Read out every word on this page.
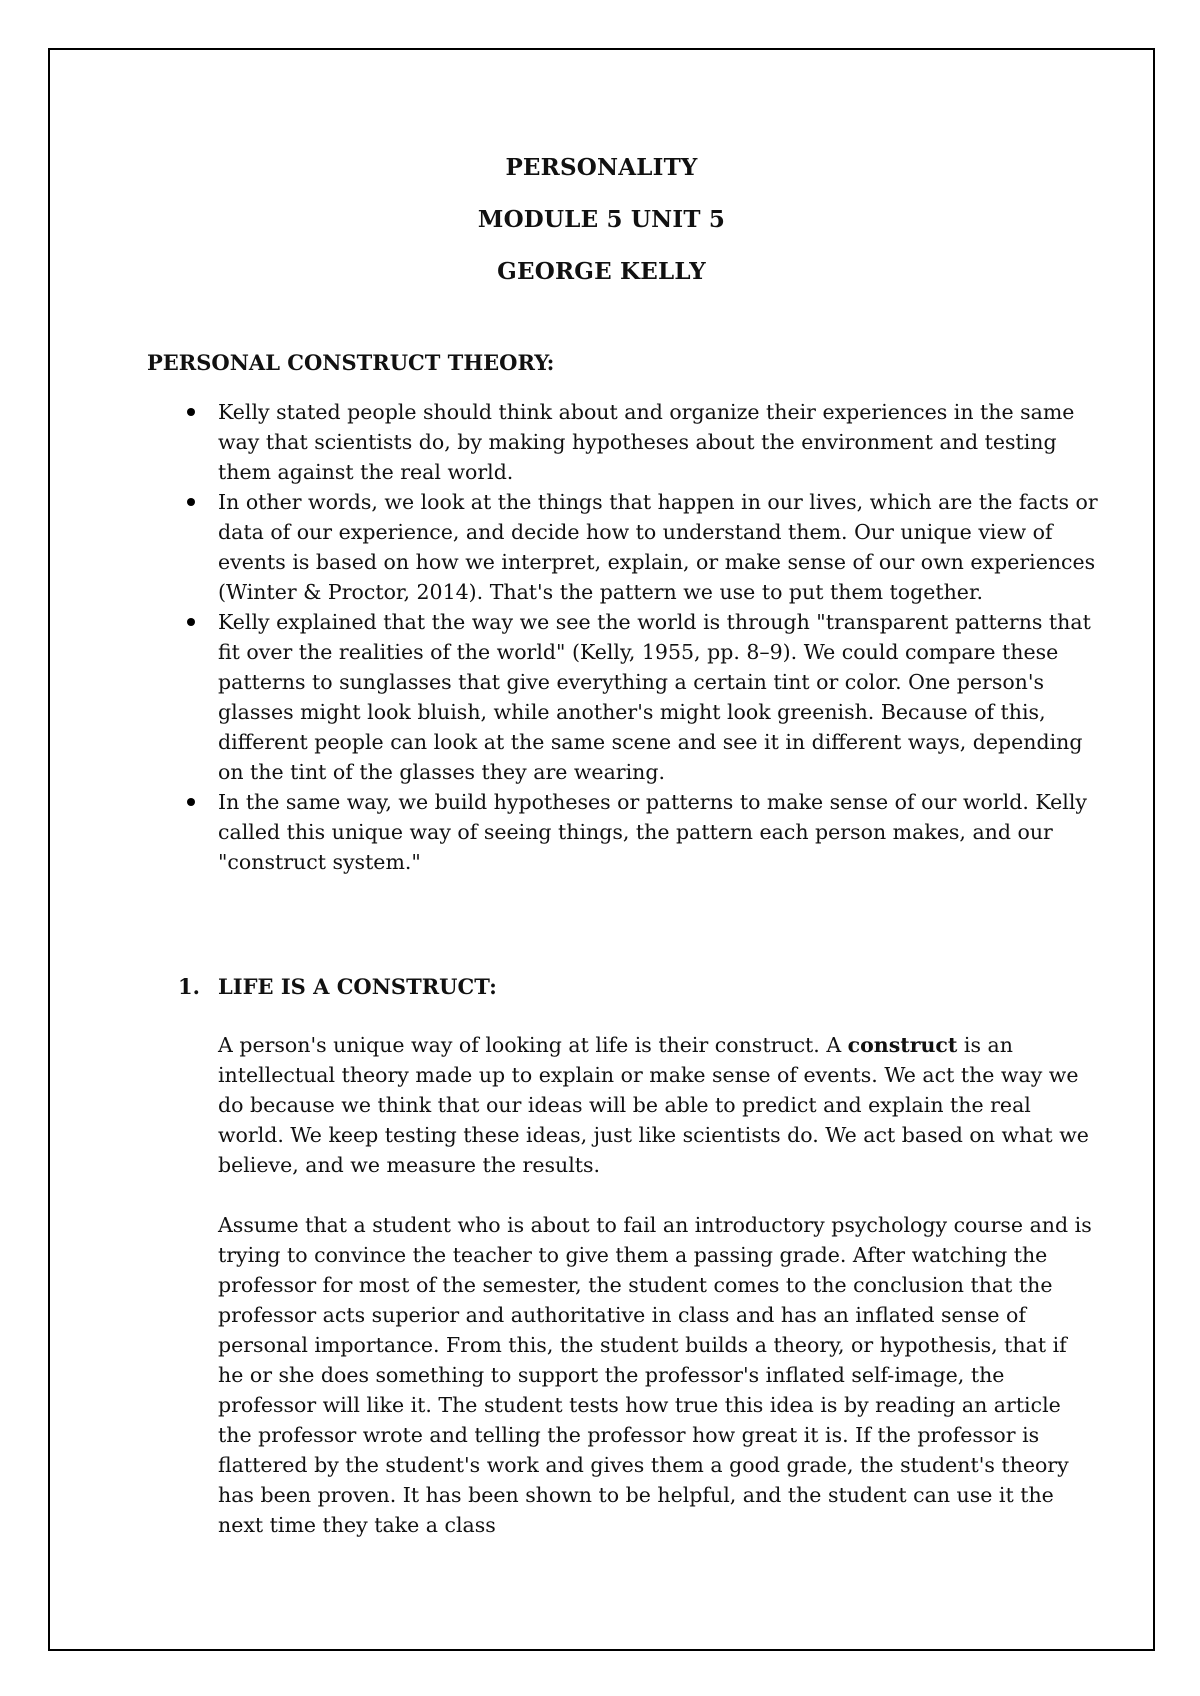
PERSONALITY
MODULE 5 UNIT 5
GEORGE KELLY
PERSONAL CONSTRUCT THEORY:
Kelly stated people should think about and organize their experiences in the same way that scientists do, by making hypotheses about the environment and testing them against the real world.
In other words, we look at the things that happen in our lives, which are the facts or data of our experience, and decide how to understand them. Our unique view of events is based on how we interpret, explain, or make sense of our own experiences (Winter & Proctor, 2014). That's the pattern we use to put them together.
Kelly explained that the way we see the world is through "transparent patterns that fit over the realities of the world" (Kelly, 1955, pp. 8–9). We could compare these patterns to sunglasses that give everything a certain tint or color. One person's glasses might look bluish, while another's might look greenish. Because of this, different people can look at the same scene and see it in different ways, depending on the tint of the glasses they are wearing.
In the same way, we build hypotheses or patterns to make sense of our world. Kelly called this unique way of seeing things, the pattern each person makes, and our "construct system."
1. LIFE IS A CONSTRUCT:

A person's unique way of looking at life is their construct. A construct is an intellectual theory made up to explain or make sense of events. We act the way we do because we think that our ideas will be able to predict and explain the real world. We keep testing these ideas, just like scientists do. We act based on what we believe, and we measure the results.

Assume that a student who is about to fail an introductory psychology course and is trying to convince the teacher to give them a passing grade. After watching the professor for most of the semester, the student comes to the conclusion that the professor acts superior and authoritative in class and has an inflated sense of personal importance. From this, the student builds a theory, or hypothesis, that if he or she does something to support the professor's inflated self-image, the professor will like it. The student tests how true this idea is by reading an article the professor wrote and telling the professor how great it is. If the professor is flattered by the student's work and gives them a good grade, the student's theory has been proven. It has been shown to be helpful, and the student can use it the next time they take a class
